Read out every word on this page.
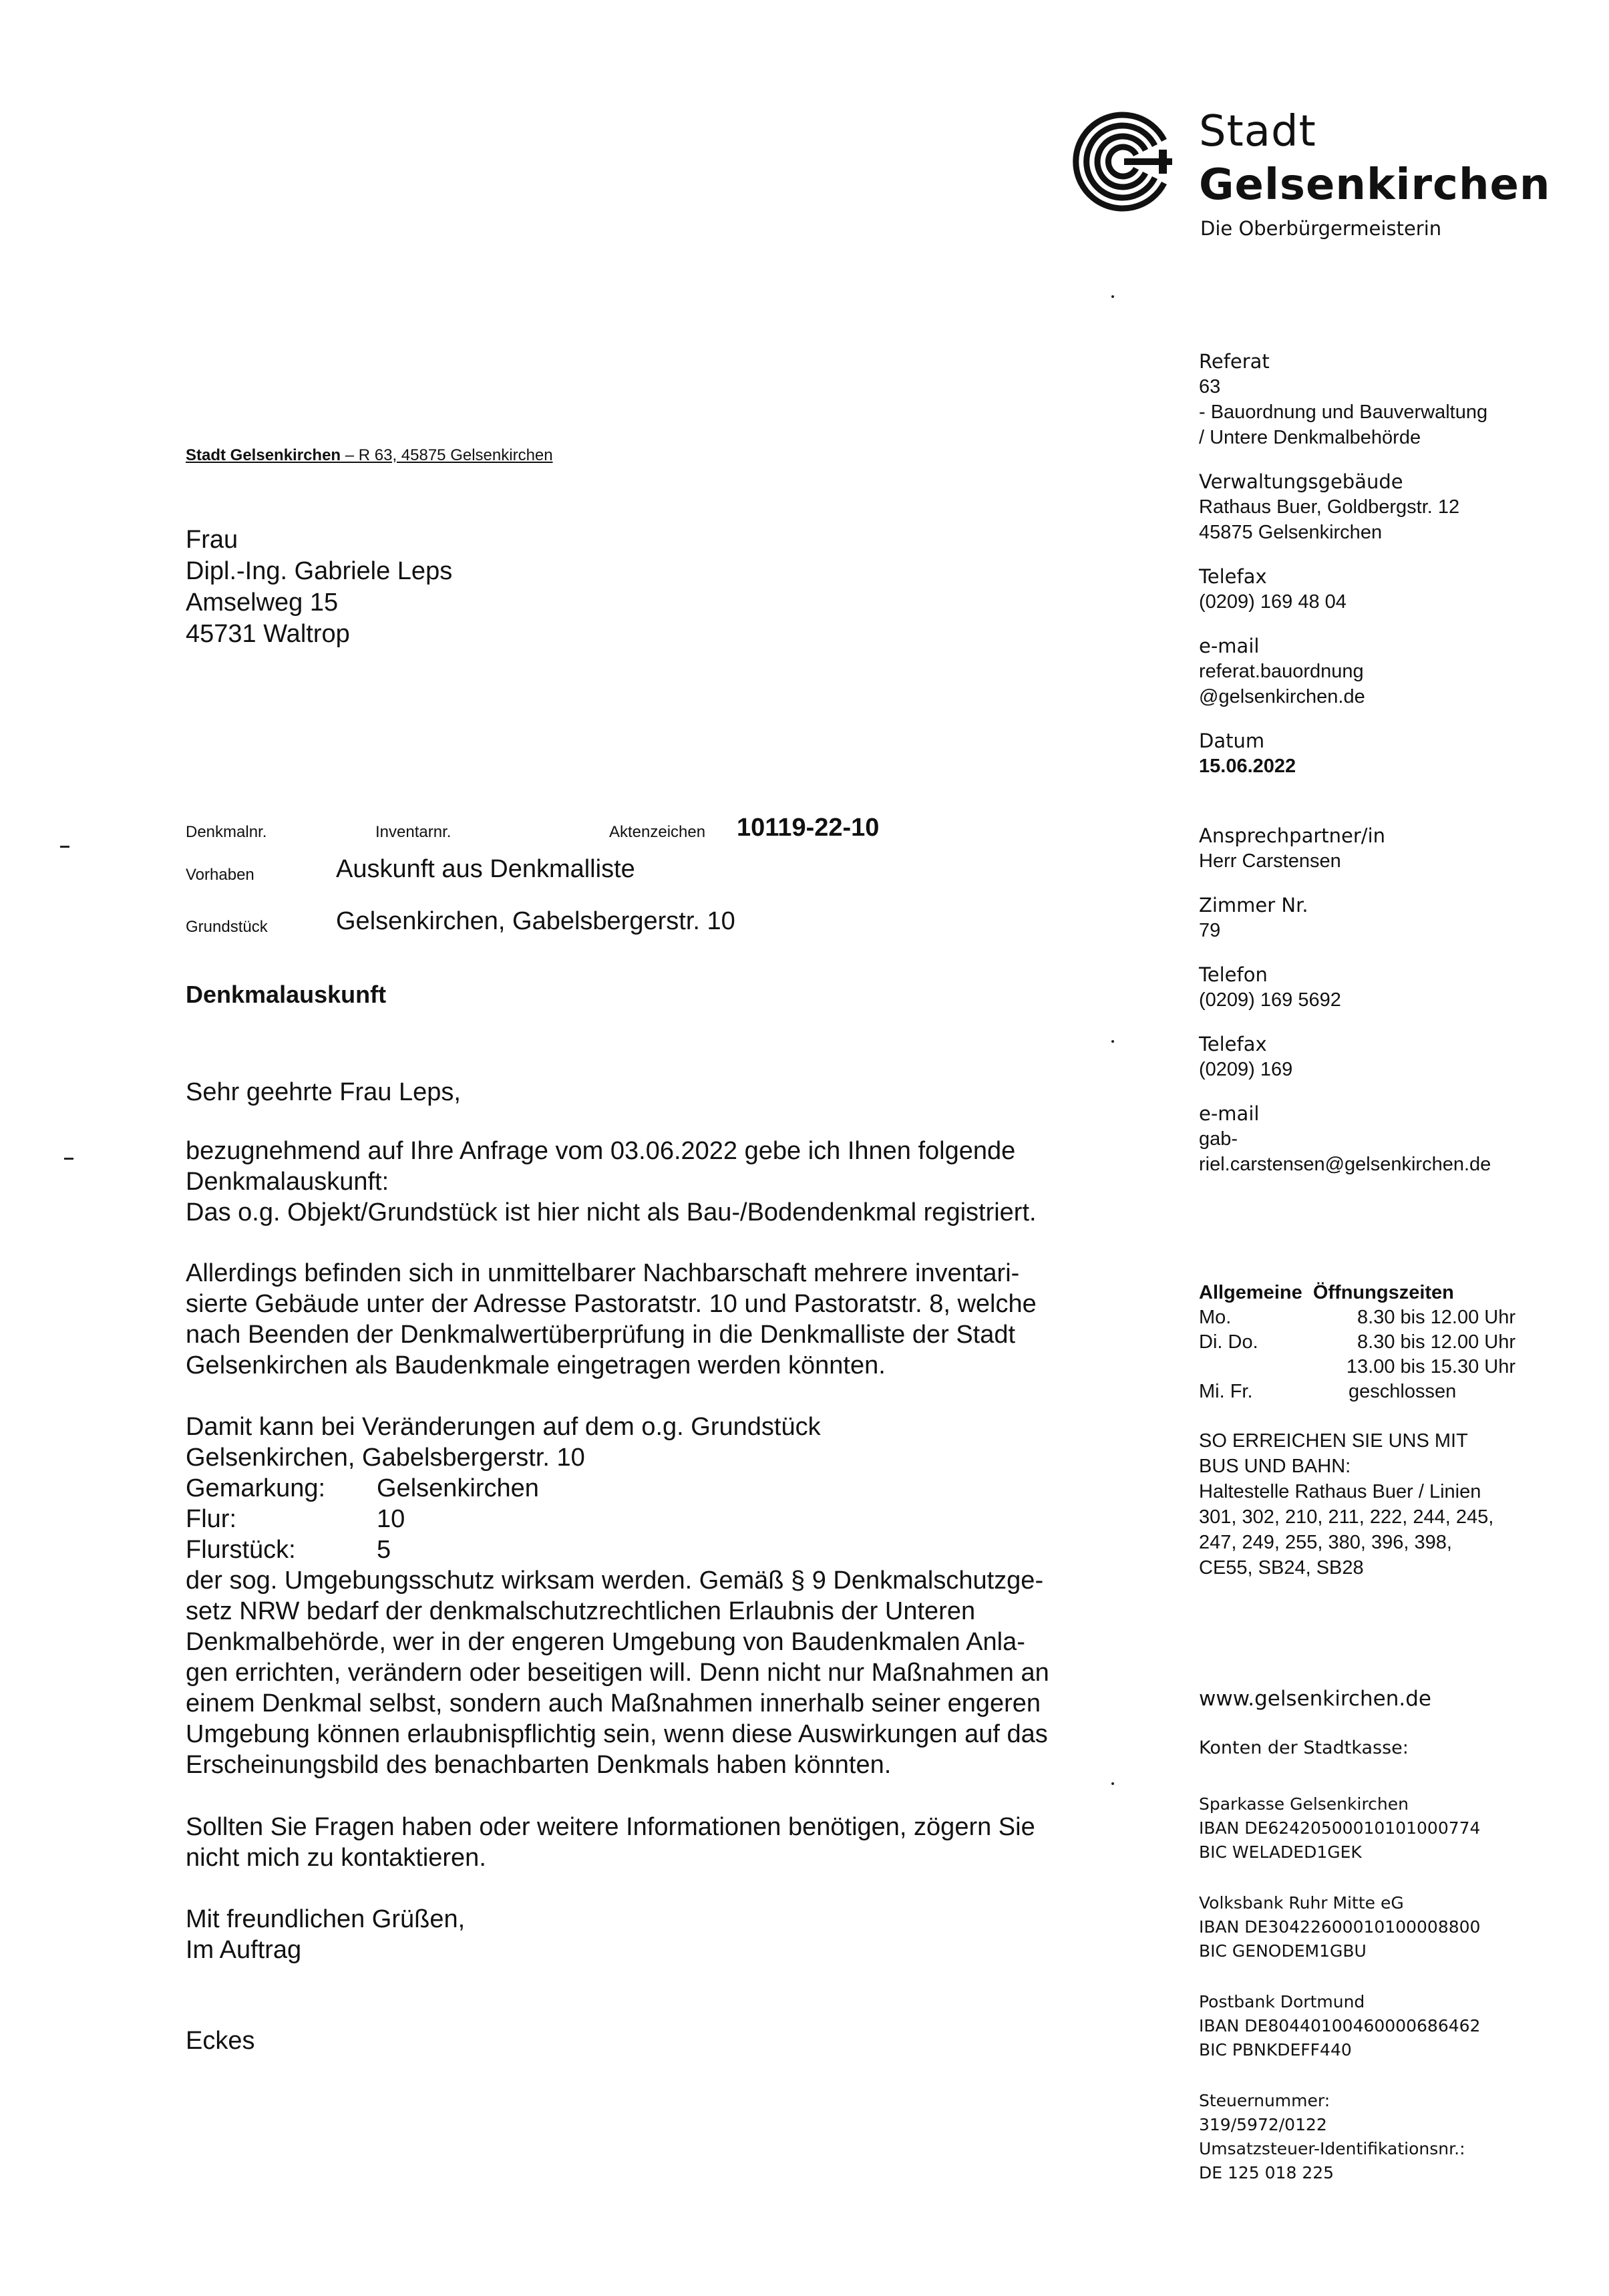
Stadt
Gelsenkirchen
Die Oberbürgermeisterin
Stadt Gelsenkirchen – R 63, 45875 Gelsenkirchen
Frau
Dipl.-Ing. Gabriele Leps
Amselweg 15
45731 Waltrop
Denkmalnr.	Inventarnr.	Aktenzeichen 10119-22-10
Vorhaben	Auskunft aus Denkmalliste
Grundstück	Gelsenkirchen, Gabelsbergerstr. 10
Denkmalauskunft
Sehr geehrte Frau Leps,
bezugnehmend auf Ihre Anfrage vom 03.06.2022 gebe ich Ihnen folgende
Denkmalauskunft:
Das o.g. Objekt/Grundstück ist hier nicht als Bau-/Bodendenkmal registriert.
Allerdings befinden sich in unmittelbarer Nachbarschaft mehrere inventari-
sierte Gebäude unter der Adresse Pastoratstr. 10 und Pastoratstr. 8, welche
nach Beenden der Denkmalwertüberprüfung in die Denkmalliste der Stadt
Gelsenkirchen als Baudenkmale eingetragen werden könnten.
Damit kann bei Veränderungen auf dem o.g. Grundstück
Gelsenkirchen, Gabelsbergerstr. 10
Gemarkung: Gelsenkirchen
Flur:	10
Flurstück:	5
der sog. Umgebungsschutz wirksam werden. Gemäß § 9 Denkmalschutzge-
setz NRW bedarf der denkmalschutzrechtlichen Erlaubnis der Unteren
Denkmalbehörde, wer in der engeren Umgebung von Baudenkmalen Anla-
gen errichten, verändern oder beseitigen will. Denn nicht nur Maßnahmen an
einem Denkmal selbst, sondern auch Maßnahmen innerhalb seiner engeren
Umgebung können erlaubnispflichtig sein, wenn diese Auswirkungen auf das
Erscheinungsbild des benachbarten Denkmals haben könnten.
Sollten Sie Fragen haben oder weitere Informationen benötigen, zögern Sie
nicht mich zu kontaktieren.
Mit freundlichen Grüßen,
Im Auftrag
Eckes
Referat
63
- Bauordnung und Bauverwaltung
/ Untere Denkmalbehörde
Verwaltungsgebäude
Rathaus Buer, Goldbergstr. 12
45875 Gelsenkirchen
Telefax
(0209) 169 48 04
e-mail
referat.bauordnung
@gelsenkirchen.de
Datum
15.06.2022
Ansprechpartner/in
Herr Carstensen
Zimmer Nr.
79
Telefon
(0209) 169 5692
Telefax
(0209) 169
e-mail
gab-
riel.carstensen@gelsenkirchen.de
Allgemeine Öffnungszeiten
Mo.	8.30 bis 12.00 Uhr
Di. Do.	8.30 bis 12.00 Uhr
	13.00 bis 15.30 Uhr
Mi. Fr.	geschlossen
SO ERREICHEN SIE UNS MIT
BUS UND BAHN:
Haltestelle Rathaus Buer / Linien
301, 302, 210, 211, 222, 244, 245,
247, 249, 255, 380, 396, 398,
CE55, SB24, SB28
www.gelsenkirchen.de
Konten der Stadtkasse:
Sparkasse Gelsenkirchen
IBAN DE62420500010101000774
BIC WELADED1GEK
Volksbank Ruhr Mitte eG
IBAN DE30422600010100008800
BIC GENODEM1GBU
Postbank Dortmund
IBAN DE80440100460000686462
BIC PBNKDEFF440
Steuernummer:
319/5972/0122
Umsatzsteuer-Identifikationsnr.:
DE 125 018 225
